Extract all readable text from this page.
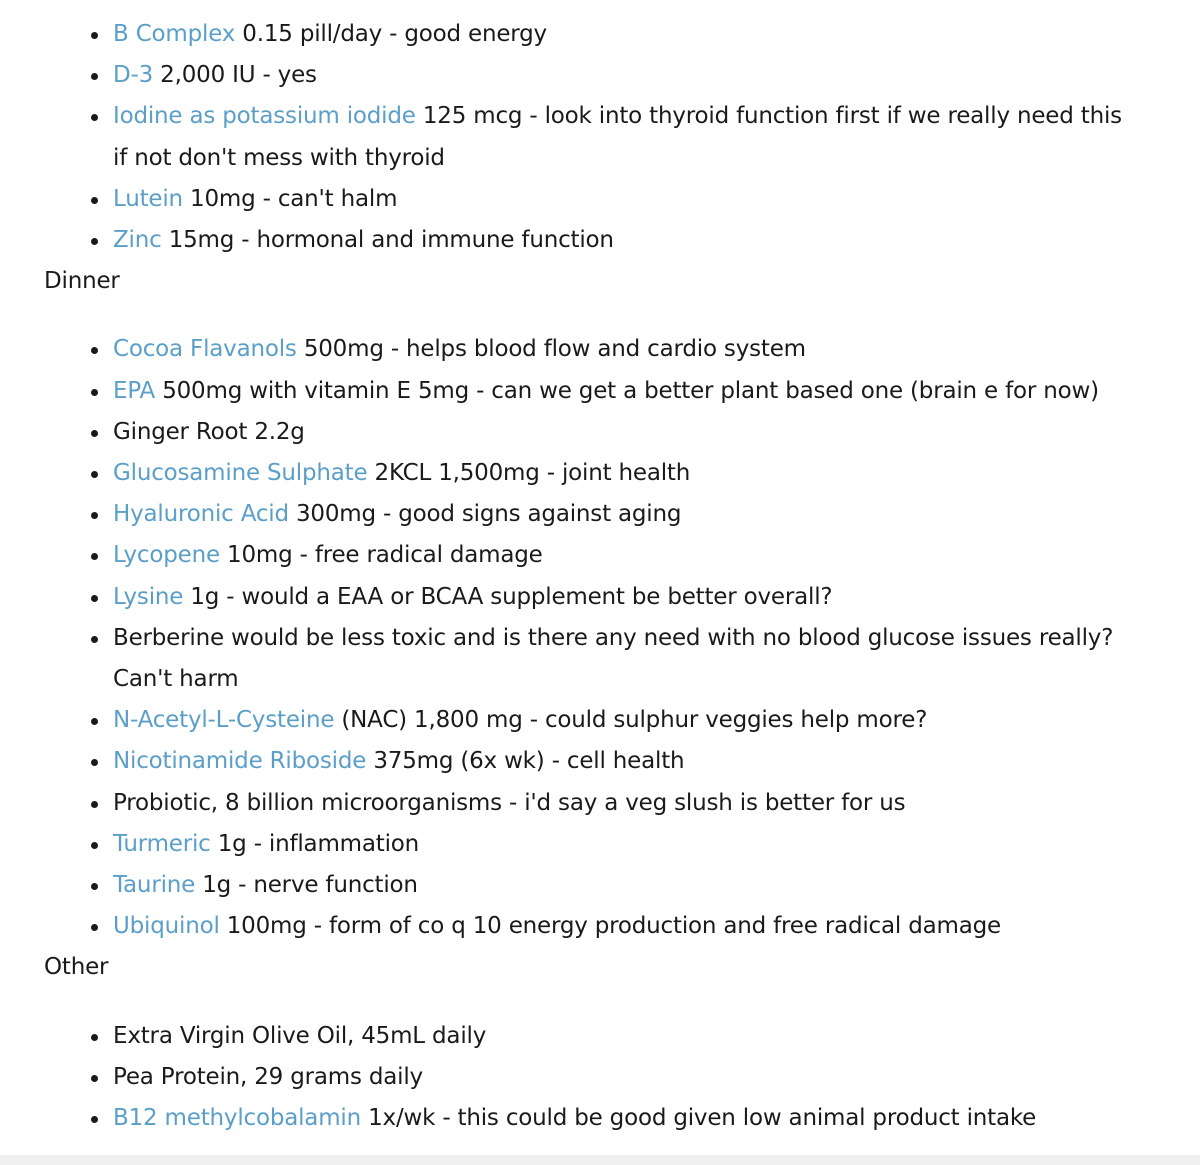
B Complex 0.15 pill/day - good energy
D-3 2,000 IU - yes
Iodine as potassium iodide 125 mcg - look into thyroid function first if we really need this if not don't mess with thyroid
Lutein 10mg - can't halm
Zinc 15mg - hormonal and immune function
Dinner
Cocoa Flavanols 500mg - helps blood flow and cardio system
EPA 500mg with vitamin E 5mg - can we get a better plant based one (brain e for now)
Ginger Root 2.2g
Glucosamine Sulphate 2KCL 1,500mg - joint health
Hyaluronic Acid 300mg - good signs against aging
Lycopene 10mg - free radical damage
Lysine 1g - would a EAA or BCAA supplement be better overall?
Berberine would be less toxic and is there any need with no blood glucose issues really? Can't harm
N-Acetyl-L-Cysteine (NAC) 1,800 mg - could sulphur veggies help more?
Nicotinamide Riboside 375mg (6x wk) - cell health
Probiotic, 8 billion microorganisms - i'd say a veg slush is better for us
Turmeric 1g - inflammation
Taurine 1g - nerve function
Ubiquinol 100mg - form of co q 10 energy production and free radical damage
Other
Extra Virgin Olive Oil, 45mL daily
Pea Protein, 29 grams daily
B12 methylcobalamin 1x/wk - this could be good given low animal product intake
